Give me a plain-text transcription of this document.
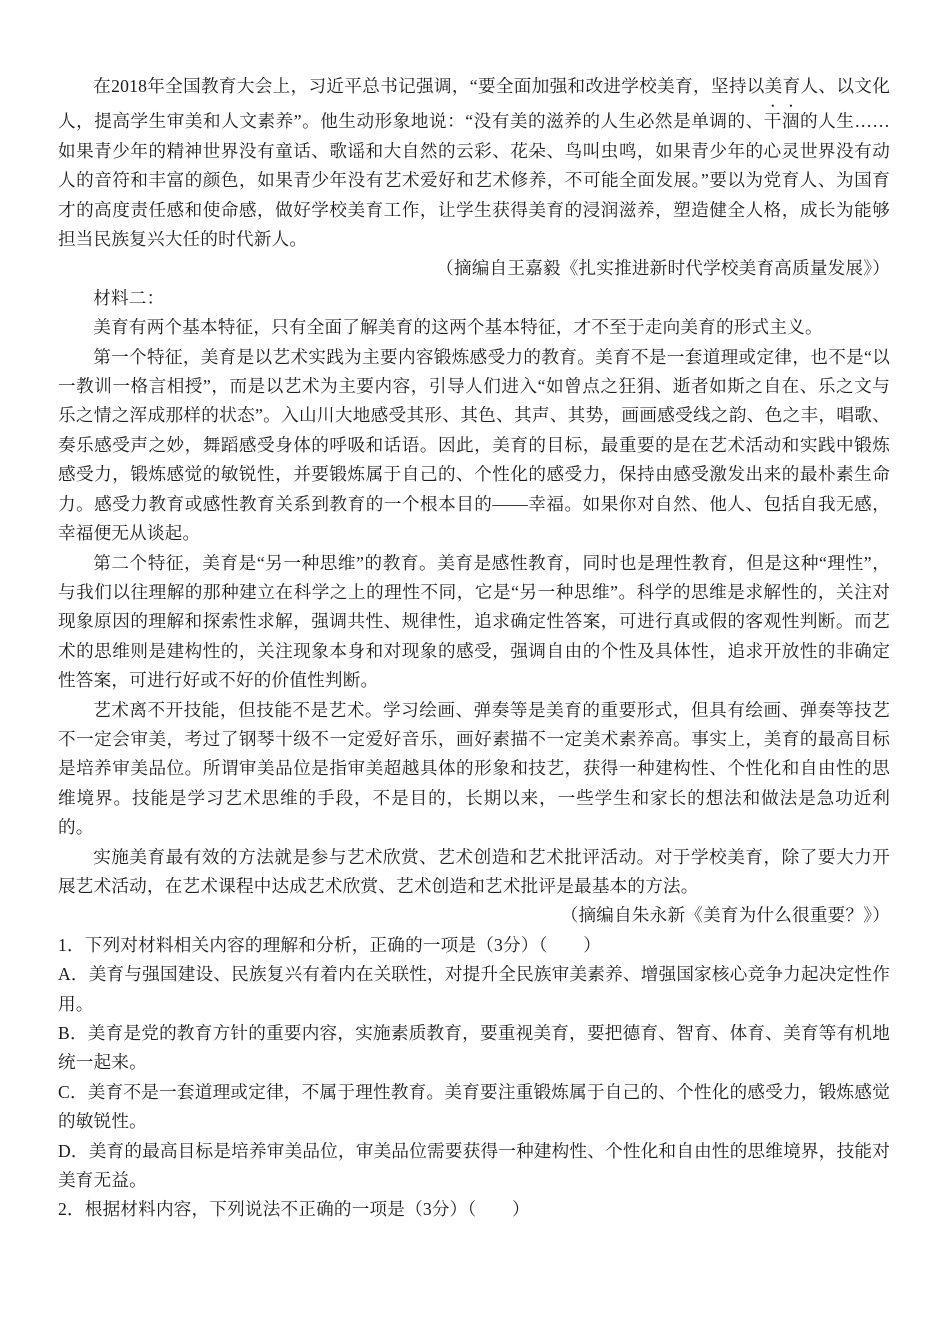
在2018年全国教育大会上，习近平总书记强调，“要全面加强和改进学校美育，坚持以美育人、以文化人，提高学生审美和人文素养”。他生动形象地说：“没有美的滋养的人生必然是单调的、干涸的人生……如果青少年的精神世界没有童话、歌谣和大自然的云彩、花朵、鸟叫虫鸣，如果青少年的心灵世界没有动人的音符和丰富的颜色，如果青少年没有艺术爱好和艺术修养，不可能全面发展。”要以为党育人、为国育才的高度责任感和使命感，做好学校美育工作，让学生获得美育的浸润滋养，塑造健全人格，成长为能够担当民族复兴大任的时代新人。

（摘编自王嘉毅《扎实推进新时代学校美育高质量发展》）

材料二：

美育有两个基本特征，只有全面了解美育的这两个基本特征，才不至于走向美育的形式主义。

第一个特征，美育是以艺术实践为主要内容锻炼感受力的教育。美育不是一套道理或定律，也不是“以一教训一格言相授”，而是以艺术为主要内容，引导人们进入“如曾点之狂狷、逝者如斯之自在、乐之文与乐之情之浑成那样的状态”。入山川大地感受其形、其色、其声、其势，画画感受线之韵、色之丰，唱歌、奏乐感受声之妙，舞蹈感受身体的呼吸和话语。因此，美育的目标，最重要的是在艺术活动和实践中锻炼感受力，锻炼感觉的敏锐性，并要锻炼属于自己的、个性化的感受力，保持由感受激发出来的最朴素生命力。感受力教育或感性教育关系到教育的一个根本目的——幸福。如果你对自然、他人、包括自我无感，幸福便无从谈起。

第二个特征，美育是“另一种思维”的教育。美育是感性教育，同时也是理性教育，但是这种“理性”，与我们以往理解的那种建立在科学之上的理性不同，它是“另一种思维”。科学的思维是求解性的，关注对现象原因的理解和探索性求解，强调共性、规律性，追求确定性答案，可进行真或假的客观性判断。而艺术的思维则是建构性的，关注现象本身和对现象的感受，强调自由的个性及具体性，追求开放性的非确定性答案，可进行好或不好的价值性判断。

艺术离不开技能，但技能不是艺术。学习绘画、弹奏等是美育的重要形式，但具有绘画、弹奏等技艺不一定会审美，考过了钢琴十级不一定爱好音乐，画好素描不一定美术素养高。事实上，美育的最高目标是培养审美品位。所谓审美品位是指审美超越具体的形象和技艺，获得一种建构性、个性化和自由性的思维境界。技能是学习艺术思维的手段，不是目的，长期以来，一些学生和家长的想法和做法是急功近利的。

实施美育最有效的方法就是参与艺术欣赏、艺术创造和艺术批评活动。对于学校美育，除了要大力开展艺术活动，在艺术课程中达成艺术欣赏、艺术创造和艺术批评是最基本的方法。

（摘编自朱永新《美育为什么很重要？》）

1．下列对材料相关内容的理解和分析，正确的一项是（3分）（　　）

A．美育与强国建设、民族复兴有着内在关联性，对提升全民族审美素养、增强国家核心竞争力起决定性作用。

B．美育是党的教育方针的重要内容，实施素质教育，要重视美育，要把德育、智育、体育、美育等有机地统一起来。

C．美育不是一套道理或定律，不属于理性教育。美育要注重锻炼属于自己的、个性化的感受力，锻炼感觉的敏锐性。

D．美育的最高目标是培养审美品位，审美品位需要获得一种建构性、个性化和自由性的思维境界，技能对美育无益。

2．根据材料内容，下列说法不正确的一项是（3分）（　　）
